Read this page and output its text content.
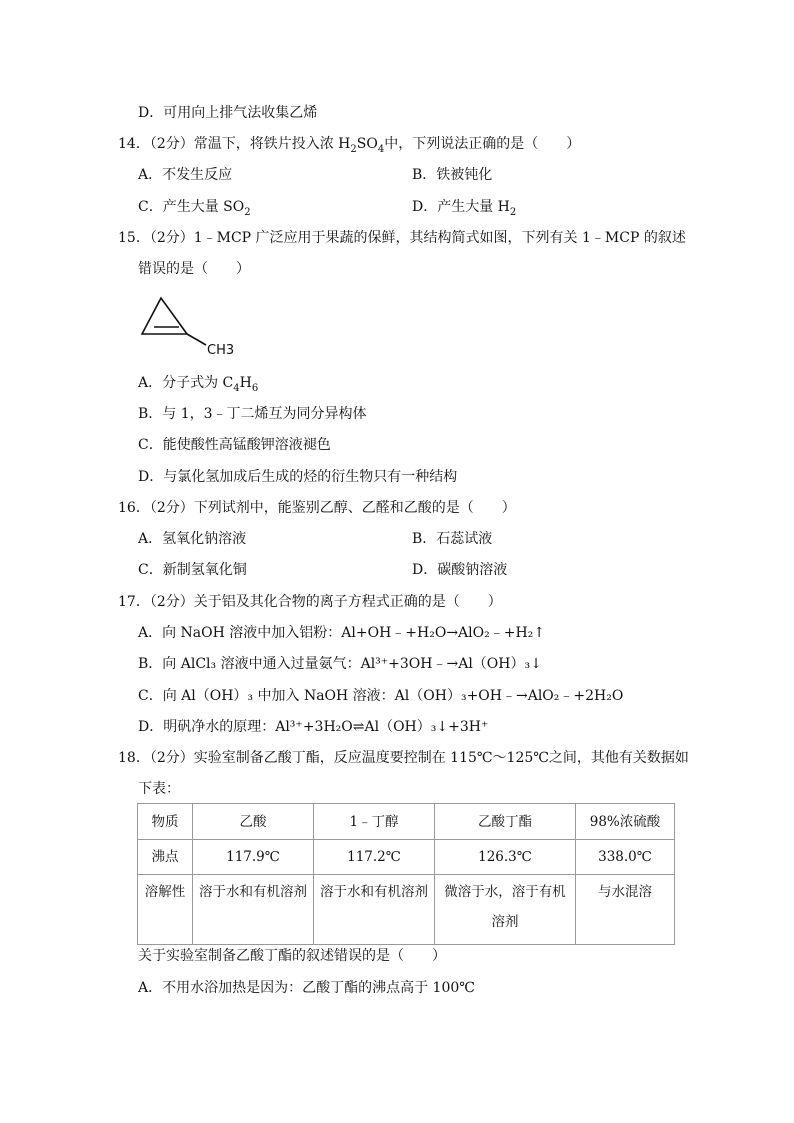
D．可用向上排气法收集乙烯
14．（2分）常温下，将铁片投入浓 $H_2SO_4$中，下列说法正确的是（　　）
A．不发生反应	B．铁被钝化
C．产生大量 $SO_2$	D．产生大量 $H_2$
15．（2分）1﹣MCP 广泛应用于果蔬的保鲜，其结构简式如图，下列有关 1﹣MCP 的叙述
错误的是（　　）
CH3
A．分子式为 $C_4H_6$
B．与 1，3﹣丁二烯互为同分异构体
C．能使酸性高锰酸钾溶液褪色
D．与氯化氢加成后生成的烃的衍生物只有一种结构
16．（2分）下列试剂中，能鉴别乙醇、乙醛和乙酸的是（　　）
A．氢氧化钠溶液	B．石蕊试液
C．新制氢氧化铜	D．碳酸钠溶液
17．（2分）关于铝及其化合物的离子方程式正确的是（　　）
A．向 NaOH 溶液中加入铝粉：Al+OH﹣+H₂O→AlO₂﹣+H₂↑
B．向 AlCl₃ 溶液中通入过量氨气：Al³⁺+3OH﹣→Al（OH）₃↓
C．向 Al（OH）₃ 中加入 NaOH 溶液：Al（OH）₃+OH﹣→AlO₂﹣+2H₂O
D．明矾净水的原理：Al³⁺+3H₂O⇌Al（OH）₃↓+3H⁺
18．（2分）实验室制备乙酸丁酯，反应温度要控制在 115℃～125℃之间，其他有关数据如
下表：
物质	乙酸	1﹣丁醇	乙酸丁酯	98%浓硫酸
沸点	117.9℃	117.2℃	126.3℃	338.0℃
溶解性	溶于水和有机溶剂	溶于水和有机溶剂	微溶于水，溶于有机溶剂	与水混溶
关于实验室制备乙酸丁酯的叙述错误的是（　　）
A．不用水浴加热是因为：乙酸丁酯的沸点高于 100℃
